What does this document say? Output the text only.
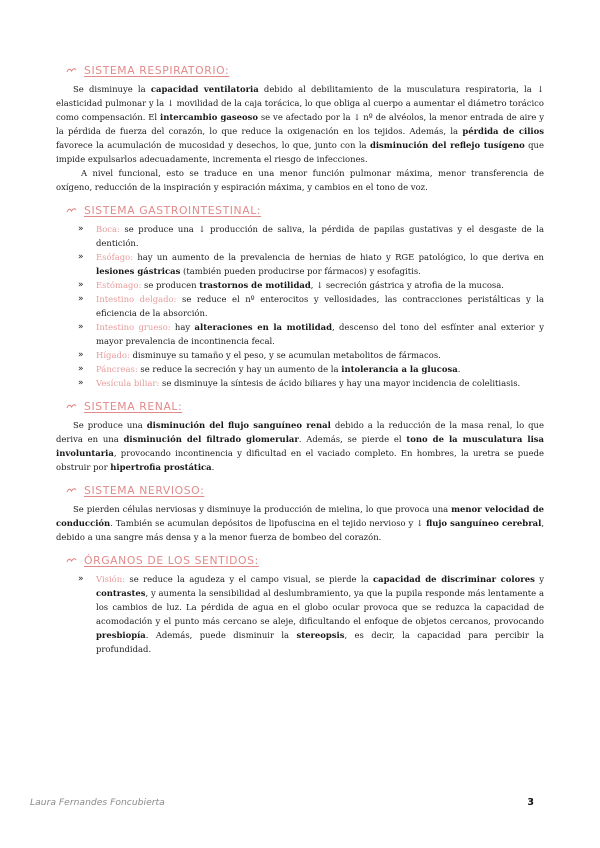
SISTEMA RESPIRATORIO:

Se disminuye la capacidad ventilatoria debido al debilitamiento de la musculatura respiratoria, la ↓ elasticidad pulmonar y la ↓ movilidad de la caja torácica, lo que obliga al cuerpo a aumentar el diámetro torácico como compensación. El intercambio gaseoso se ve afectado por la ↓ nº de alvéolos, la menor entrada de aire y la pérdida de fuerza del corazón, lo que reduce la oxigenación en los tejidos. Además, la pérdida de cilios favorece la acumulación de mucosidad y desechos, lo que, junto con la disminución del reflejo tusígeno que impide expulsarlos adecuadamente, incrementa el riesgo de infecciones.

A nivel funcional, esto se traduce en una menor función pulmonar máxima, menor transferencia de oxígeno, reducción de la inspiración y espiración máxima, y cambios en el tono de voz.

SISTEMA GASTROINTESTINAL:
» Boca: se produce una ↓ producción de saliva, la pérdida de papilas gustativas y el desgaste de la dentición.
» Esófago: hay un aumento de la prevalencia de hernias de hiato y RGE patológico, lo que deriva en lesiones gástricas (también pueden producirse por fármacos) y esofagitis.
» Estómago: se producen trastornos de motilidad, ↓ secreción gástrica y atrofia de la mucosa.
» Intestino delgado: se reduce el nº enterocitos y vellosidades, las contracciones peristálticas y la eficiencia de la absorción.
» Intestino grueso: hay alteraciones en la motilidad, descenso del tono del esfínter anal exterior y mayor prevalencia de incontinencia fecal.
» Hígado: disminuye su tamaño y el peso, y se acumulan metabolitos de fármacos.
» Páncreas: se reduce la secreción y hay un aumento de la intolerancia a la glucosa.
» Vesícula biliar: se disminuye la síntesis de ácido biliares y hay una mayor incidencia de colelitiasis.
SISTEMA RENAL:

Se produce una disminución del flujo sanguíneo renal debido a la reducción de la masa renal, lo que deriva en una disminución del filtrado glomerular. Además, se pierde el tono de la musculatura lisa involuntaria, provocando incontinencia y dificultad en el vaciado completo. En hombres, la uretra se puede obstruir por hipertrofia prostática.

SISTEMA NERVIOSO:

Se pierden células nerviosas y disminuye la producción de mielina, lo que provoca una menor velocidad de conducción. También se acumulan depósitos de lipofuscina en el tejido nervioso y ↓ flujo sanguíneo cerebral, debido a una sangre más densa y a la menor fuerza de bombeo del corazón.

ÓRGANOS DE LOS SENTIDOS:
» Visión: se reduce la agudeza y el campo visual, se pierde la capacidad de discriminar colores y contrastes, y aumenta la sensibilidad al deslumbramiento, ya que la pupila responde más lentamente a los cambios de luz. La pérdida de agua en el globo ocular provoca que se reduzca la capacidad de acomodación y el punto más cercano se aleje, dificultando el enfoque de objetos cercanos, provocando presbiopía. Además, puede disminuir la stereopsis, es decir, la capacidad para percibir la profundidad.
Laura Fernandes Foncubierta	3
